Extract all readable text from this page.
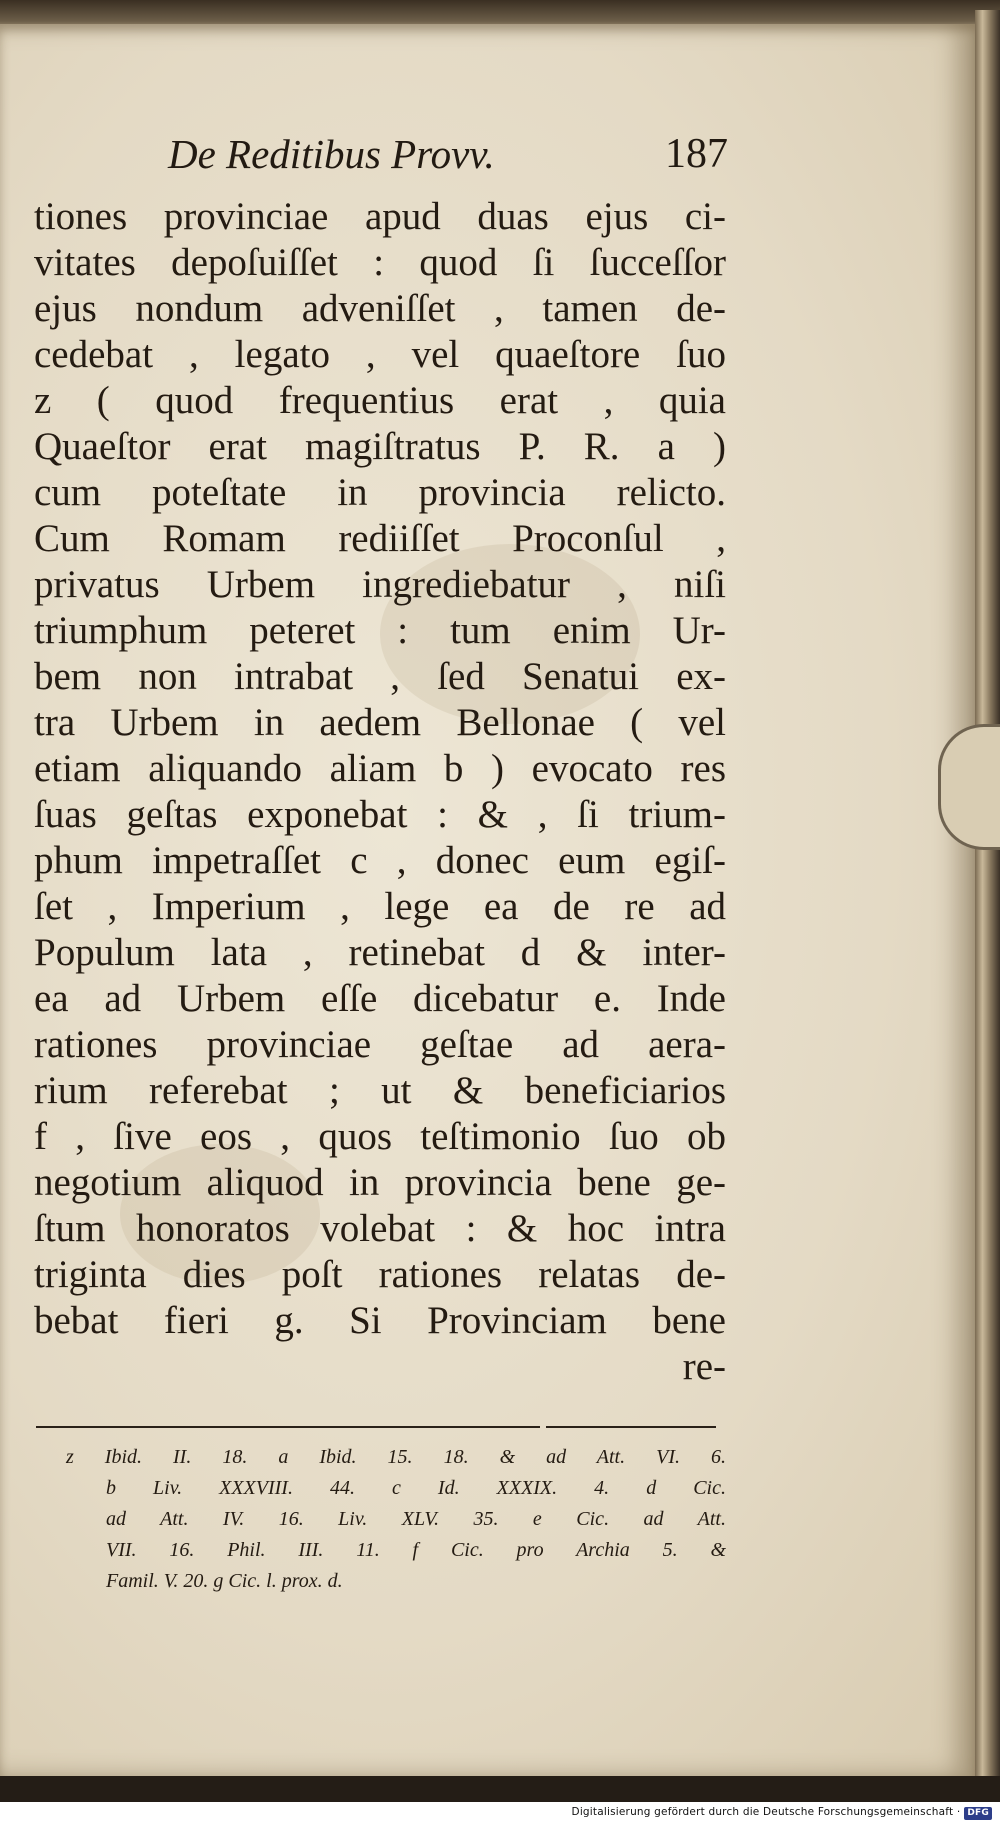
De Reditibus Provv.	187
tiones provinciae apud duas ejus ci-
vitates depoſuiſſet : quod ſi ſucceſſor
ejus nondum adveniſſet , tamen de-
cedebat , legato , vel quaeſtore ſuo
z ( quod frequentius erat , quia
Quaeſtor erat magiſtratus P. R. a )
cum poteſtate in provincia relicto.
Cum Romam rediiſſet Proconſul ,
privatus Urbem ingrediebatur , niſi
triumphum peteret : tum enim Ur-
bem non intrabat , ſed Senatui ex-
tra Urbem in aedem Bellonae ( vel
etiam aliquando aliam b ) evocato res
ſuas geſtas exponebat : & , ſi trium-
phum impetraſſet c , donec eum egiſ-
ſet , Imperium , lege ea de re ad
Populum lata , retinebat d & inter-
ea ad Urbem eſſe dicebatur e. Inde
rationes provinciae geſtae ad aera-
rium referebat ; ut & beneficiarios
f , ſive eos , quos teſtimonio ſuo ob
negotium aliquod in provincia bene ge-
ſtum honoratos volebat : & hoc intra
triginta dies poſt rationes relatas de-
bebat fieri g. Si Provinciam bene
re-
z Ibid. II. 18. a Ibid. 15. 18. & ad Att. VI. 6.
b Liv. XXXVIII. 44. c Id. XXXIX. 4. d Cic.
ad Att. IV. 16. Liv. XLV. 35. e Cic. ad Att.
VII. 16. Phil. III. 11. f Cic. pro Archia 5. &
Famil. V. 20. g Cic. l. prox. d.
Digitalisierung gefördert durch die Deutsche Forschungsgemeinschaft · DFG
